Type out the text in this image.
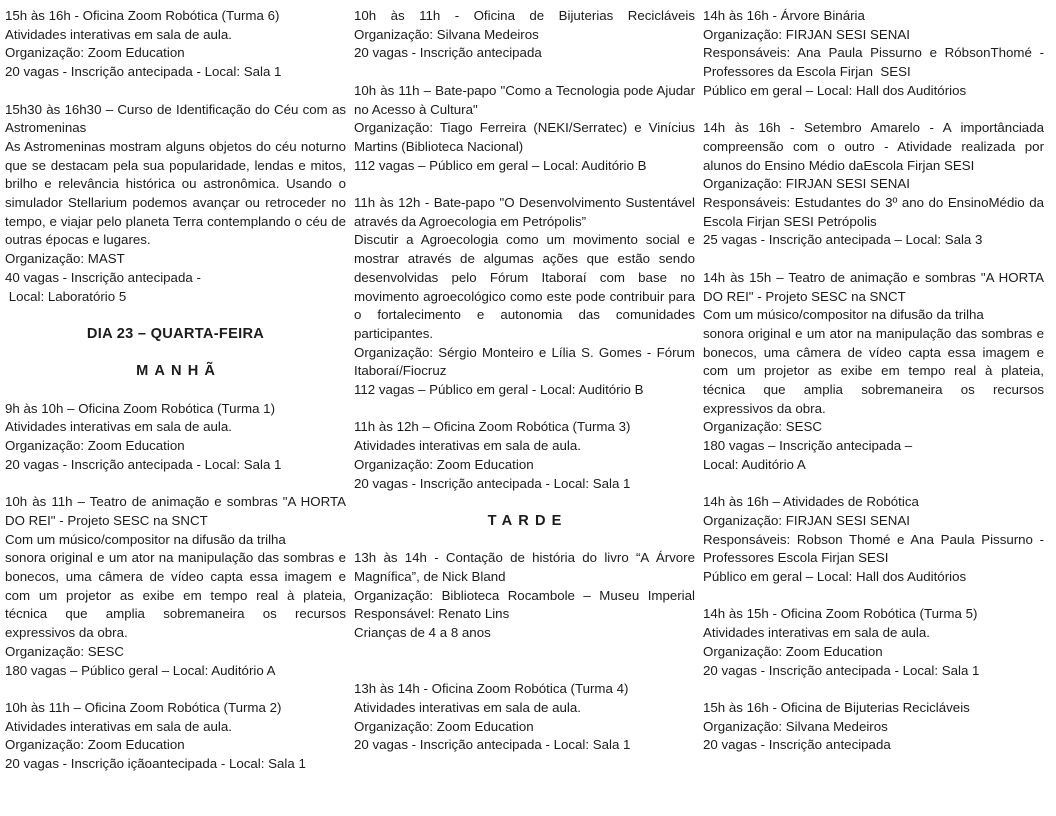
15h às 16h - Oficina Zoom Robótica (Turma 6)

Atividades interativas em sala de aula.

Organização: Zoom Education

20 vagas - Inscrição antecipada - Local: Sala 1

15h30 às 16h30 – Curso de Identificação do Céu com as Astromeninas

As Astromeninas mostram alguns objetos do céu noturno que se destacam pela sua popularidade, lendas e mitos, brilho e relevância histórica ou astronômica. Usando o simulador Stellarium podemos avançar ou retroceder no tempo, e viajar pelo planeta Terra contemplando o céu de outras épocas e lugares.

Organização: MAST

40 vagas - Inscrição antecipada -

Local: Laboratório 5

DIA 23 – QUARTA-FEIRA
MANHÃ

9h às 10h – Oficina Zoom Robótica (Turma 1)

Atividades interativas em sala de aula.

Organização: Zoom Education

20 vagas - Inscrição antecipada - Local: Sala 1

10h às 11h – Teatro de animação e sombras "A HORTA DO REI" - Projeto SESC na SNCT

Com um músico/compositor na difusão da trilha

sonora original e um ator na manipulação das sombras e bonecos, uma câmera de vídeo capta essa imagem e com um projetor as exibe em tempo real à plateia, técnica que amplia sobremaneira os recursos expressivos da obra.

Organização: SESC

180 vagas – Público geral – Local: Auditório A

10h às 11h – Oficina Zoom Robótica (Turma 2)

Atividades interativas em sala de aula.

Organização: Zoom Education

20 vagas - Inscrição içãoantecipada - Local: Sala 1

10h às 11h - Oficina de Bijuterias Recicláveis

Organização: Silvana Medeiros

20 vagas - Inscrição antecipada

10h às 11h – Bate-papo "Como a Tecnologia pode Ajudar no Acesso à Cultura"

Organização: Tiago Ferreira (NEKI/Serratec) e Vinícius Martins (Biblioteca Nacional)

112 vagas – Público em geral – Local: Auditório B

11h às 12h - Bate-papo "O Desenvolvimento Sustentável através da Agroecologia em Petrópolis”

Discutir a Agroecologia como um movimento social e mostrar através de algumas ações que estão sendo desenvolvidas pelo Fórum Itaboraí com base no movimento agroecológico como este pode contribuir para o fortalecimento e autonomia das comunidades participantes.

Organização: Sérgio Monteiro e Lília S. Gomes - Fórum Itaboraí/Fiocruz

112 vagas – Público em geral - Local: Auditório B

11h às 12h – Oficina Zoom Robótica (Turma 3)

Atividades interativas em sala de aula.

Organização: Zoom Education

20 vagas - Inscrição antecipada - Local: Sala 1

TARDE

13h às 14h - Contação de história do livro “A Árvore Magnífica”, de Nick Bland

Organização: Biblioteca Rocambole – Museu Imperial

Responsável: Renato Lins

Crianças de 4 a 8 anos

13h às 14h - Oficina Zoom Robótica (Turma 4)

Atividades interativas em sala de aula.

Organização: Zoom Education

20 vagas - Inscrição antecipada - Local: Sala 1

14h às 16h - Árvore Binária

Organização: FIRJAN SESI SENAI

Responsáveis: Ana Paula Pissurno e RóbsonThomé - Professores da Escola Firjan  SESI

Público em geral – Local: Hall dos Auditórios

14h às 16h - Setembro Amarelo - A importânciada compreensão com o outro - Atividade realizada por alunos do Ensino Médio daEscola Firjan SESI

Organização: FIRJAN SESI SENAI

Responsáveis: Estudantes do 3º ano do EnsinoMédio da Escola Firjan SESI Petrópolis

25 vagas - Inscrição antecipada – Local: Sala 3

14h às 15h – Teatro de animação e sombras "A HORTA DO REI" - Projeto SESC na SNCT

Com um músico/compositor na difusão da trilha

sonora original e um ator na manipulação das sombras e bonecos, uma câmera de vídeo capta essa imagem e com um projetor as exibe em tempo real à plateia, técnica que amplia sobremaneira os recursos expressivos da obra.

Organização: SESC

180 vagas – Inscrição antecipada –

Local: Auditório A

14h às 16h – Atividades de Robótica

Organização: FIRJAN SESI SENAI

Responsáveis: Robson Thomé e Ana Paula Pissurno - Professores Escola Firjan SESI

Público em geral – Local: Hall dos Auditórios

14h às 15h - Oficina Zoom Robótica (Turma 5)

Atividades interativas em sala de aula.

Organização: Zoom Education

20 vagas - Inscrição antecipada - Local: Sala 1

15h às 16h - Oficina de Bijuterias Recicláveis

Organização: Silvana Medeiros

20 vagas - Inscrição antecipada
